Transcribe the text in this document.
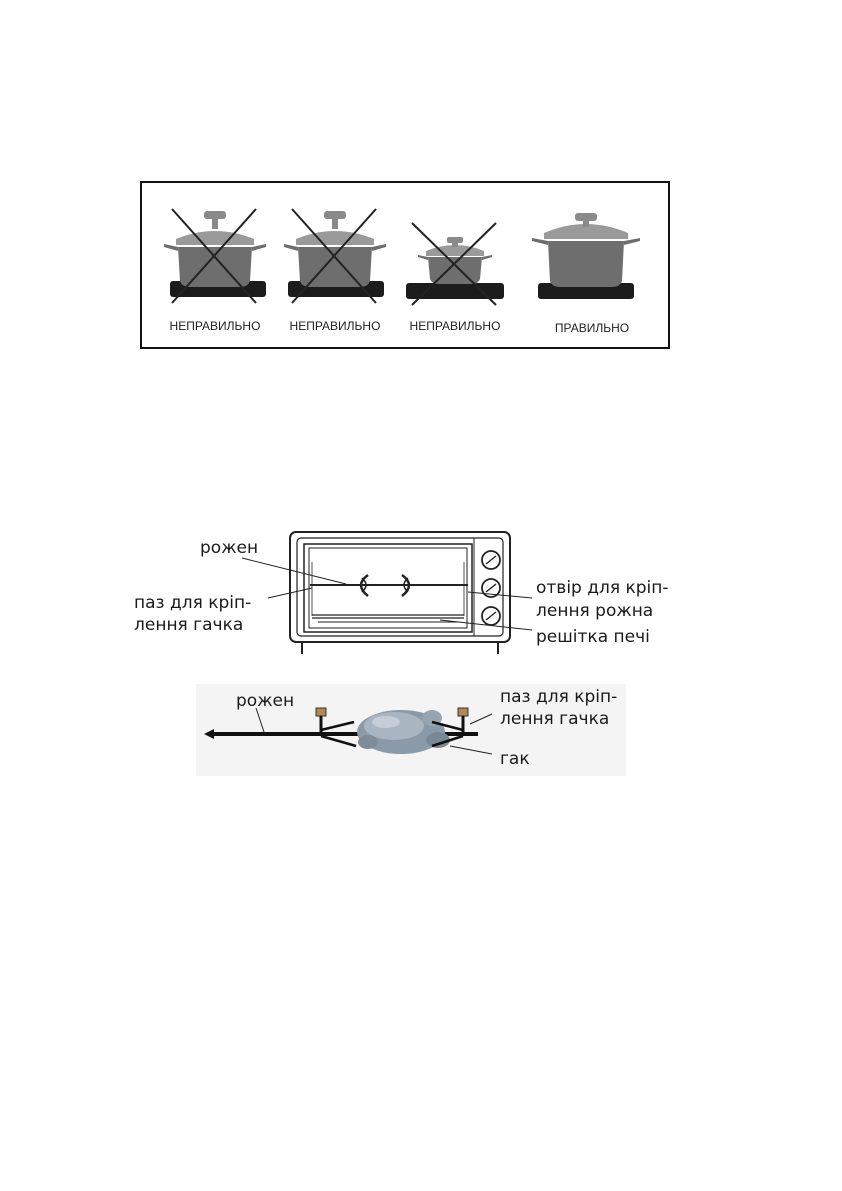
НЕПРАВИЛЬНО НЕПРАВИЛЬНО НЕПРАВИЛЬНО	ПРАВИЛЬНО
рожен
паз для кріп-
лення гачка
отвір для кріп-
лення рожна
решітка печі
рожен	паз для кріп-
лення гачка
гак
